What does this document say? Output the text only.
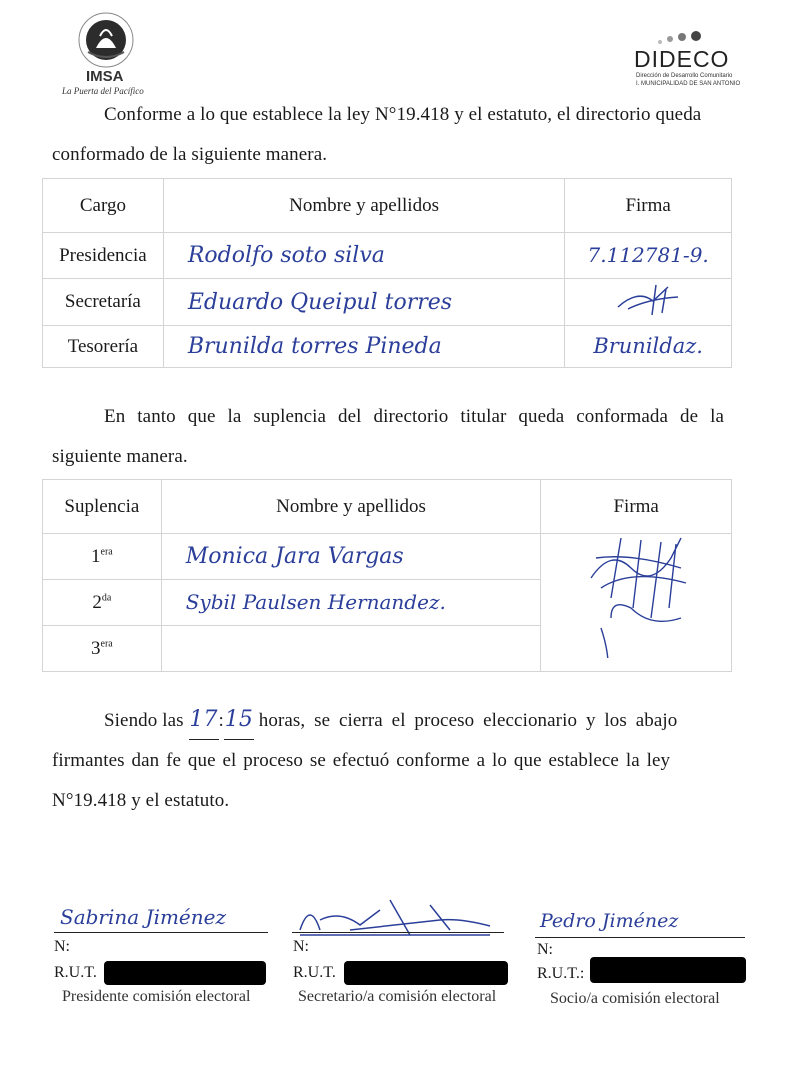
IMSA
La Puerta del Pacífico
DIDECO
Dirección de Desarrollo Comunitario
I. MUNICIPALIDAD DE SAN ANTONIO
Conforme a lo que establece la ley N°19.418 y el estatuto, el directorio queda
conformado de la siguiente manera.
Cargo	Nombre y apellidos	Firma
Presidencia	Rodolfo soto silva	7.112781-9.
Secretaría	Eduardo Queipul torres	
Tesorería	Brunilda torres Pineda	Brunildaz.
En tanto que la suplencia del directorio titular queda conformada de la
siguiente manera.
Suplencia	Nombre y apellidos	Firma
$1^{era}$	Monica Jara Vargas	

$2^{da}$	Sybil Paulsen Hernandez.	
$3^{era}$	
Siendo las 17:15 horas, se cierra el proceso eleccionario y los abajo
firmantes dan fe que el proceso se efectuó conforme a lo que establece la ley
N°19.418 y el estatuto.
Sabrina Jiménez
N:
R.U.T.
Presidente comisión electoral
N:
R.U.T.
Secretario/a comisión electoral
Pedro Jiménez
N:
R.U.T.:
Socio/a comisión electoral
